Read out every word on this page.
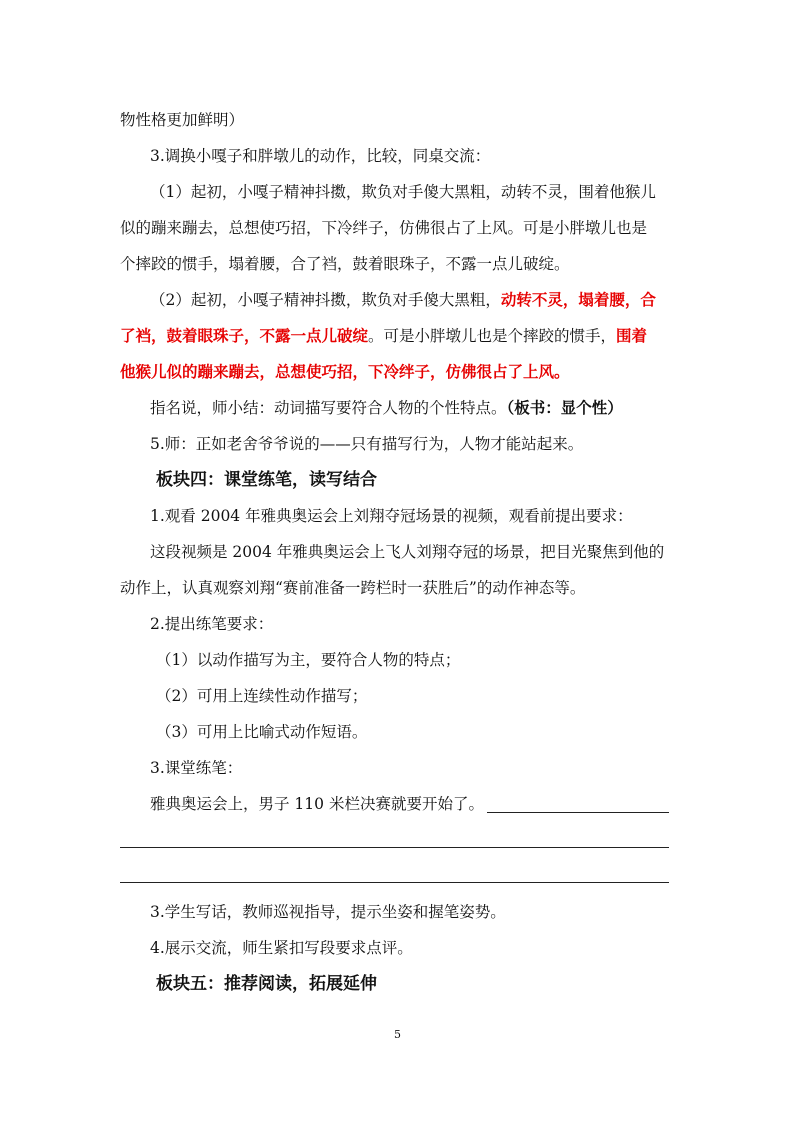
物性格更加鲜明）
3.调换小嘎子和胖墩儿的动作，比较，同桌交流：
（1）起初，小嘎子精神抖擞，欺负对手傻大黑粗，动转不灵，围着他猴儿
似的蹦来蹦去，总想使巧招，下冷绊子，仿佛很占了上风。可是小胖墩儿也是
个摔跤的惯手，塌着腰，合了裆，鼓着眼珠子，不露一点儿破绽。
（2）起初，小嘎子精神抖擞，欺负对手傻大黑粗，动转不灵，塌着腰，合
了裆，鼓着眼珠子，不露一点儿破绽。可是小胖墩儿也是个摔跤的惯手，围着
他猴儿似的蹦来蹦去，总想使巧招，下冷绊子，仿佛很占了上风。
指名说，师小结：动词描写要符合人物的个性特点。（板书：显个性）
5.师：正如老舍爷爷说的——只有描写行为，人物才能站起来。
板块四：课堂练笔，读写结合
1.观看 2004 年雅典奥运会上刘翔夺冠场景的视频，观看前提出要求：
这段视频是 2004 年雅典奥运会上飞人刘翔夺冠的场景，把目光聚焦到他的
动作上，认真观察刘翔“赛前准备一跨栏时一获胜后”的动作神态等。
2.提出练笔要求：
（1）以动作描写为主，要符合人物的特点；
（2）可用上连续性动作描写；
（3）可用上比喻式动作短语。
3.课堂练笔：
雅典奥运会上，男子 110 米栏决赛就要开始了。
3.学生写话，教师巡视指导，提示坐姿和握笔姿势。
4.展示交流，师生紧扣写段要求点评。
板块五：推荐阅读，拓展延伸
5
